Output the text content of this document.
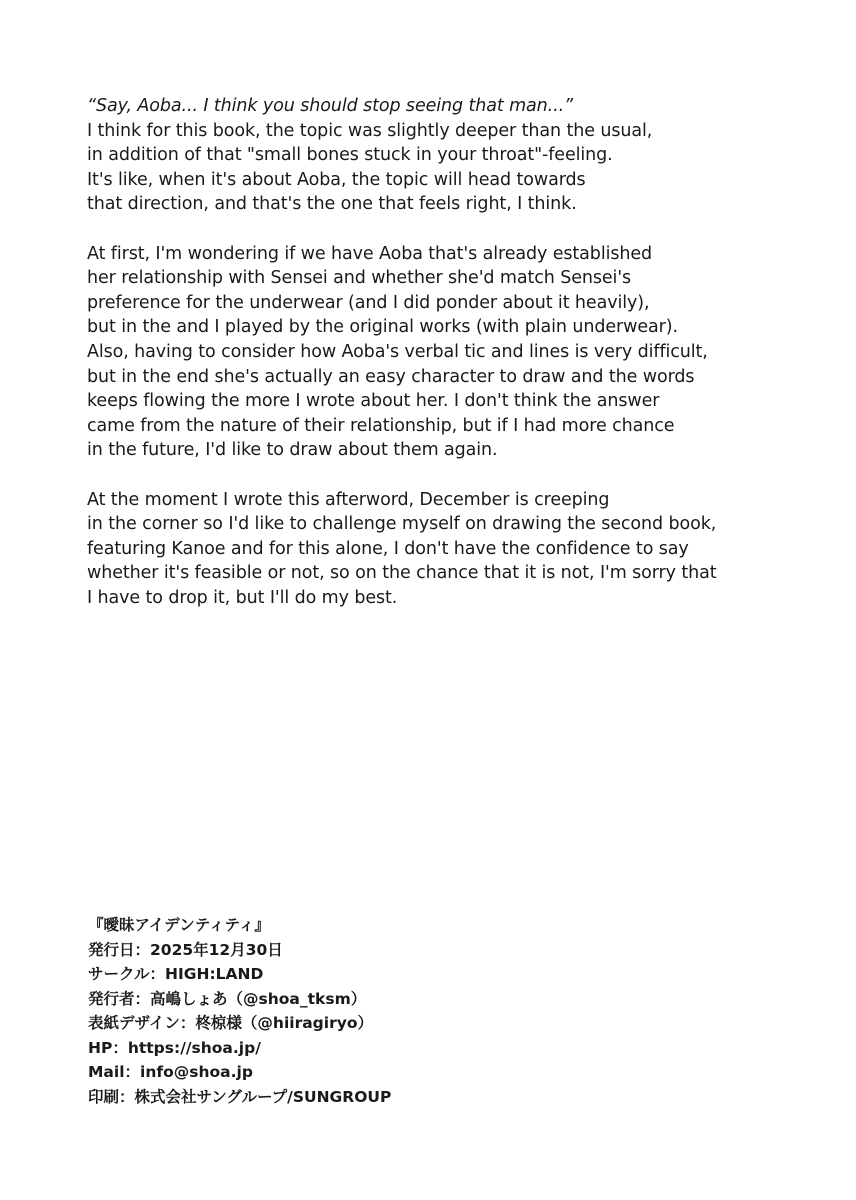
“Say, Aoba... I think you should stop seeing that man...”
I think for this book, the topic was slightly deeper than the usual,
in addition of that "small bones stuck in your throat"-feeling.
It's like, when it's about Aoba, the topic will head towards
that direction, and that's the one that feels right, I think.

At first, I'm wondering if we have Aoba that's already established
her relationship with Sensei and whether she'd match Sensei's
preference for the underwear (and I did ponder about it heavily),
but in the and I played by the original works (with plain underwear).
Also, having to consider how Aoba's verbal tic and lines is very difficult,
but in the end she's actually an easy character to draw and the words
keeps flowing the more I wrote about her. I don't think the answer
came from the nature of their relationship, but if I had more chance
in the future, I'd like to draw about them again.

At the moment I wrote this afterword, December is creeping
in the corner so I'd like to challenge myself on drawing the second book,
featuring Kanoe and for this alone, I don't have the confidence to say
whether it's feasible or not, so on the chance that it is not, I'm sorry that
I have to drop it, but I'll do my best.

『曖昧アイデンティティ』
発行日：2025年12月30日
サークル：HIGH:LAND
発行者：高嶋しょあ（@shoa_tksm）
表紙デザイン：柊椋様（@hiiragiryo）
HP：https://shoa.jp/
Mail：info@shoa.jp
印刷：株式会社サングループ/SUNGROUP
